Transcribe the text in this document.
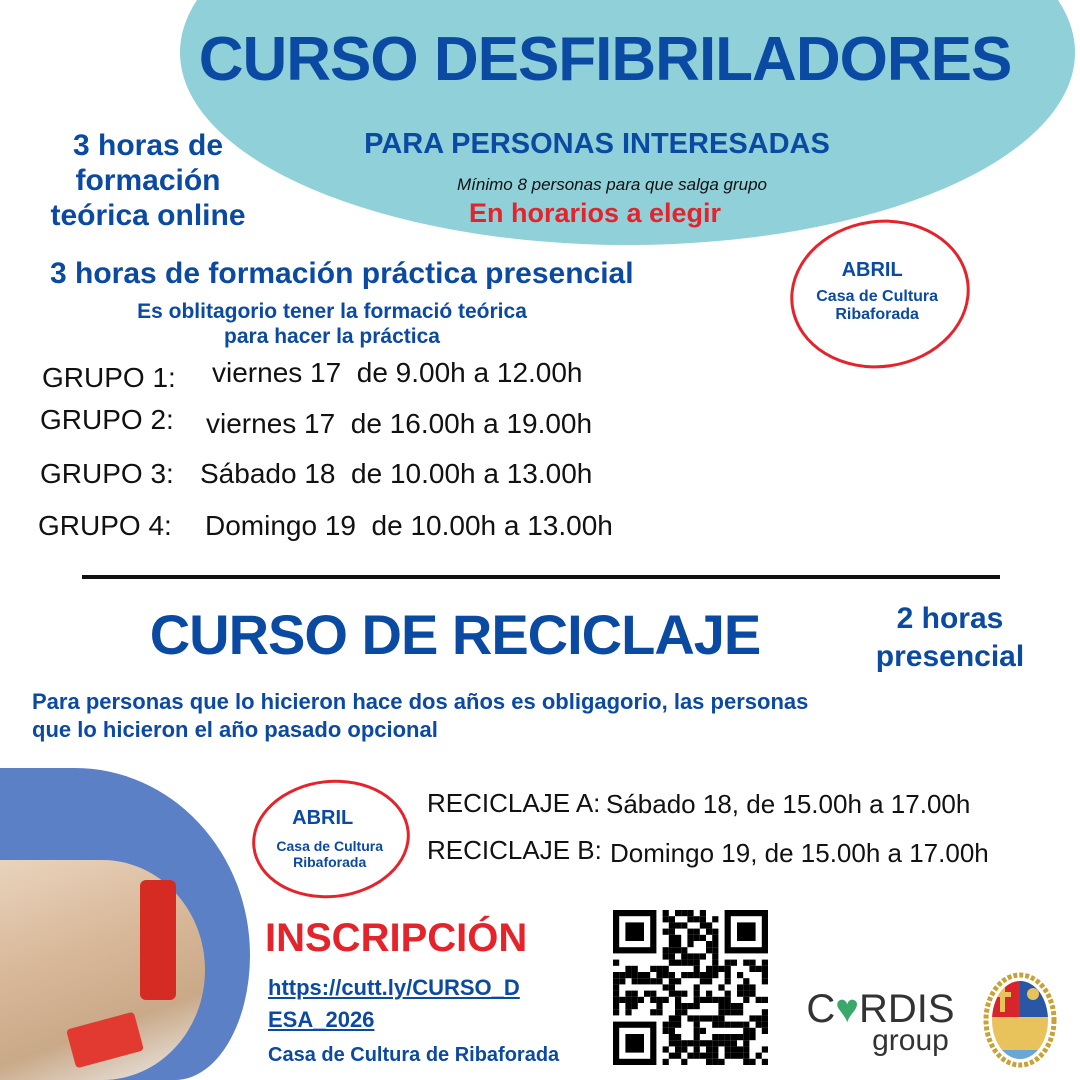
CURSO DESFIBRILADORES
PARA PERSONAS INTERESADAS
Mínimo 8 personas para que salga grupo
En horarios a elegir
3 horas de
formación
teórica online
3 horas de formación práctica presencial
Es oblitagorio tener la formació teórica
para hacer la práctica
ABRIL
Casa de Cultura
Ribaforada
GRUPO 1:	viernes 17  de 9.00h a 12.00h
GRUPO 2:	viernes 17  de 16.00h a 19.00h
GRUPO 3: Sábado 18  de 10.00h a 13.00h
GRUPO 4:	Domingo 19  de 10.00h a 13.00h
CURSO DE RECICLAJE	2 horas
presencial
Para personas que lo hicieron hace dos años es obligagorio, las personas
que lo hicieron el año pasado opcional
ABRIL
Casa de Cultura
Ribaforada
RECICLAJE A: Sábado 18, de 15.00h a 17.00h
RECICLAJE B: Domingo 19, de 15.00h a 17.00h
INSCRIPCIÓN
https://cutt.ly/CURSO_D
ESA_2026
Casa de Cultura de Ribaforada
C♥RDIS
group
